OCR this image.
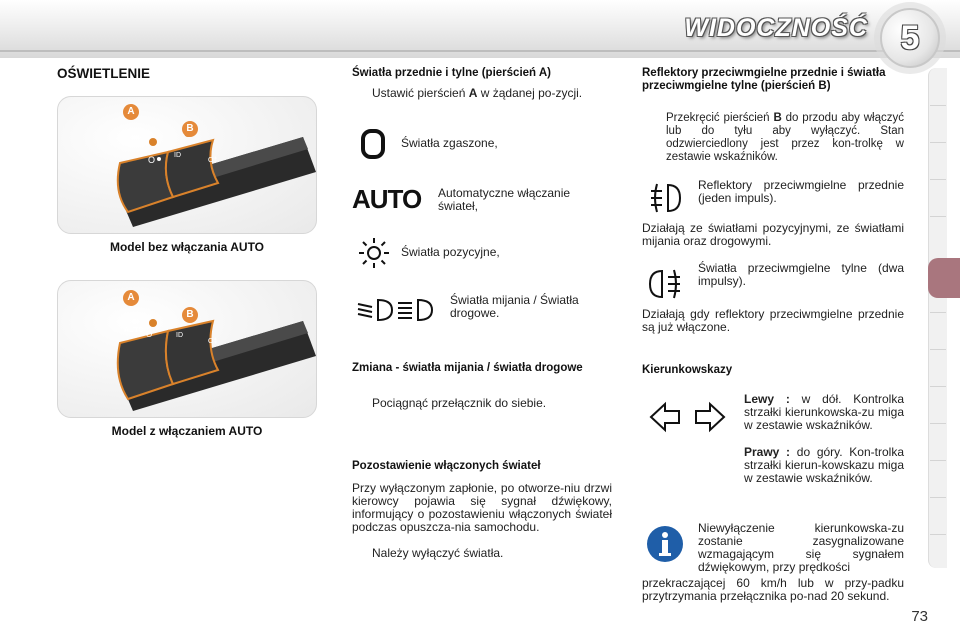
WIDOCZNOŚĆ 5
OŚWIETLENIE
O	ID
O‡
A
B
Model bez włączania AUTO
O	ID
O‡
AUTO
A
B
Model z włączaniem AUTO
Światła przednie i tylne (pierścień A)
Ustawić pierścień A w żądanej po-zycji.
Światła zgaszone,
AUTO Automatyczne włączanie świateł,
Światła pozycyjne,
Światła mijania / Światła drogowe.
Zmiana - światła mijania / światła drogowe
Pociągnąć przełącznik do siebie.
Pozostawienie włączonych świateł
Przy wyłączonym zapłonie, po otworze-niu drzwi kierowcy pojawia się sygnał dźwiękowy, informujący o pozostawieniu włączonych świateł podczas opuszcza-nia samochodu.
Należy wyłączyć światła.
Reflektory przeciwmgielne przednie i światła przeciwmgielne tylne (pierścień B)
Przekręcić pierścień B do przodu aby włączyć lub do tyłu aby wyłączyć. Stan odzwierciedlony jest przez kon-trolkę w zestawie wskaźników.
Reflektory przeciwmgielne przednie (jeden impuls).
Działają ze światłami pozycyjnymi, ze światłami mijania oraz drogowymi.
Światła przeciwmgielne tylne (dwa impulsy).
Działają gdy reflektory przeciwmgielne przednie są już włączone.
Kierunkowskazy
Lewy : w dół. Kontrolka strzałki kierunkowska-zu miga w zestawie wskaźników.
Prawy : do góry. Kon-trolka strzałki kierun-kowskazu miga w zestawie wskaźników.
Niewyłączenie kierunkowska-zu zostanie zasygnalizowane wzmagającym się sygnałem dźwiękowym, przy prędkości
przekraczającej 60 km/h lub w przy-padku przytrzymania przełącznika po-nad 20 sekund.
73
